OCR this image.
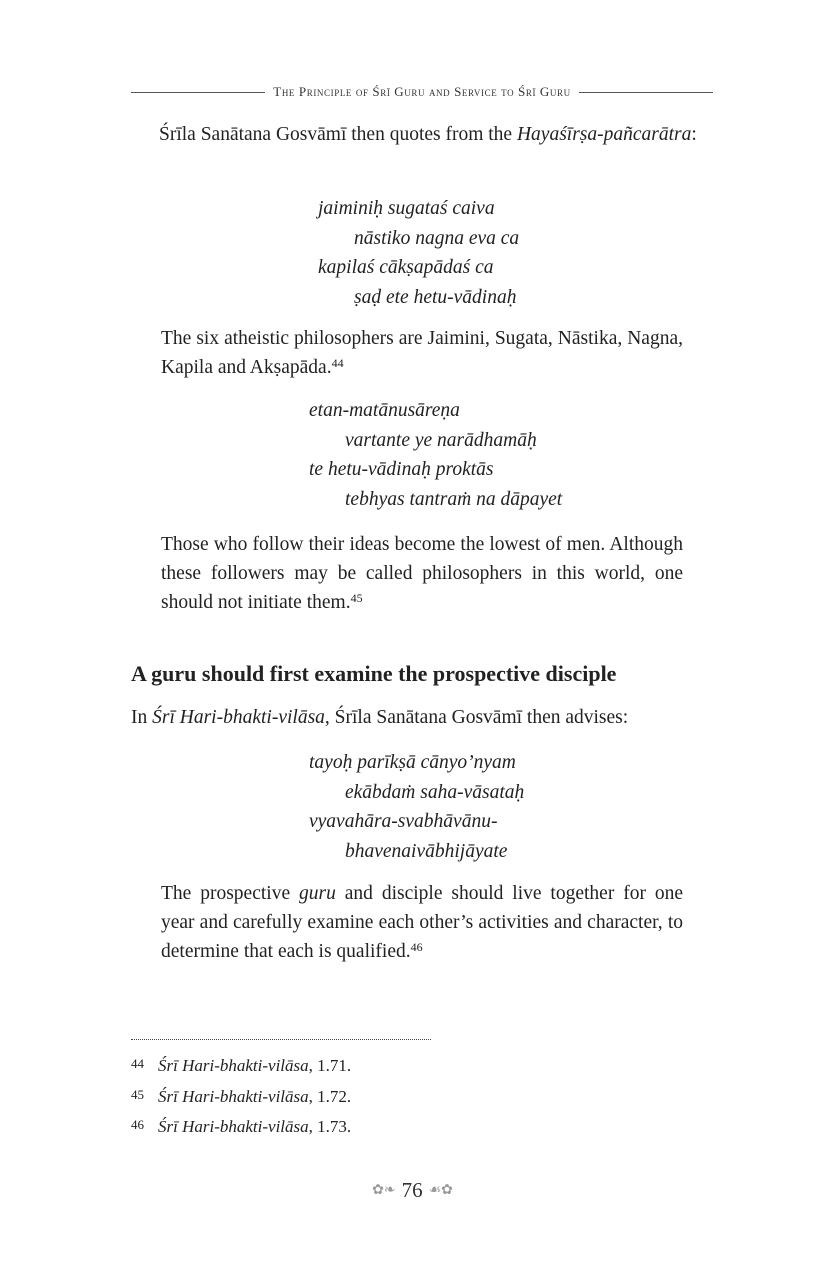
The Principle of Śrī Guru and Service to Śrī Guru

Śrīla Sanātana Gosvāmī then quotes from the Hayaśīrṣa-pañcarātra:

jaiminiḥ sugataś caiva
nāstiko nagna eva ca
kapilaś cākṣapādaś ca
ṣaḍ ete hetu-vādinaḥ

The six atheistic philosophers are Jaimini, Sugata, Nāstika, Nagna, Kapila and Akṣapāda.$^{44}$

etan-matānusāreṇa
vartante ye narādhamāḥ
te hetu-vādinaḥ proktās
tebhyas tantraṁ na dāpayet

Those who follow their ideas become the lowest of men. Although these followers may be called philosophers in this world, one should not initiate them.$^{45}$

A guru should first examine the prospective disciple

In Śrī Hari-bhakti-vilāsa, Śrīla Sanātana Gosvāmī then advises:

tayoḥ parīkṣā cānyo’nyam
ekābdaṁ saha-vāsataḥ
vyavahāra-svabhāvānu-
bhavenaivābhijāyate

The prospective guru and disciple should live together for one year and carefully examine each other’s activities and character, to determine that each is qualified.$^{46}$

44 Śrī Hari-bhakti-vilāsa, 1.71.
45 Śrī Hari-bhakti-vilāsa, 1.72.
46 Śrī Hari-bhakti-vilāsa, 1.73.
✿❧ 76 ☙✿
